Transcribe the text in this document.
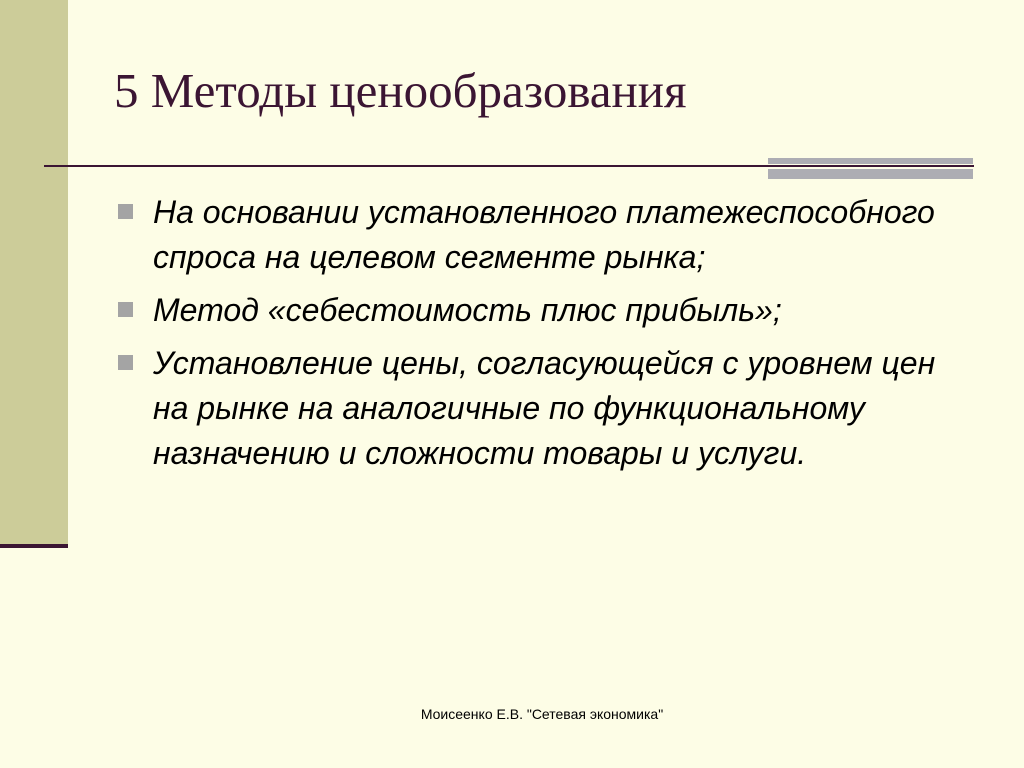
5 Методы ценообразования
На основании установленного платежеспособного спроса на целевом сегменте рынка;
Метод «себестоимость плюс прибыль»;
Установление цены, согласующейся с уровнем цен на рынке на аналогичные по функциональному назначению и сложности товары и услуги.
Моисеенко Е.В. "Сетевая экономика"
